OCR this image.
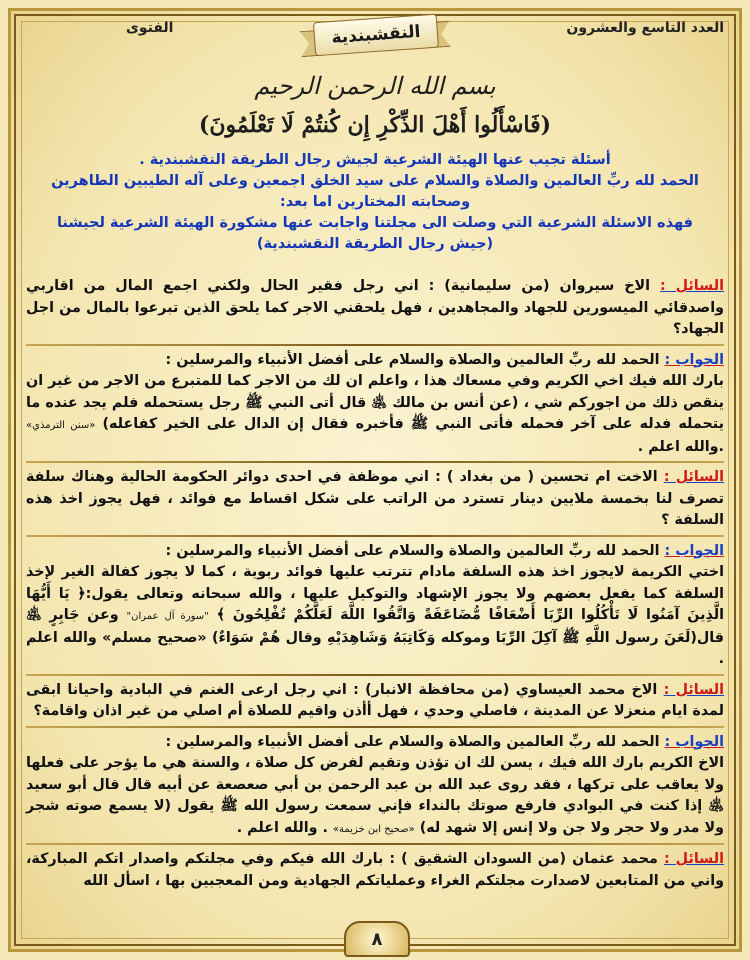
العدد التاسع والعشرون
الفتوى	النقشبندية
بسم الله الرحمن الرحيم
(فَاسْأَلُوا أَهْلَ الذِّكْرِ إِن كُنتُمْ لَا تَعْلَمُونَ)

أسئلة تجيب عنها الهيئة الشرعية لجيش رجال الطريقة النقشبندية .

الحمد لله ربِّ العالمين والصلاة والسلام على سيد الخلق اجمعين وعلى آله الطيبين الطاهرين وصحابته المختارين اما بعد:

فهذه الاسئلة الشرعية التي وصلت الى مجلتنا واجابت عنها مشكورة الهيئة الشرعية لجيشنا (جيش رجال الطريقة النقشبندية)

السائل : الاخ سيروان (من سليمانية) : اني رجل فقير الحال ولكني اجمع المال من اقاربي واصدقائي الميسورين للجهاد والمجاهدين ، فهل يلحقني الاجر كما يلحق الذين تبرعوا بالمال من اجل الجهاد؟

الجواب : الحمد لله ربِّ العالمين والصلاة والسلام على أفضل الأنبياء والمرسلين :
بارك الله فيك اخي الكريم وفي مسعاك هذا ، واعلم ان لك من الاجر كما للمتبرع من الاجر من غير ان ينقص ذلك من اجوركم شي ، (عن أنس بن مالك ﵁ قال أتى النبي ﷺ رجل يستحمله فلم يجد عنده ما يتحمله فدله على آخر فحمله فأتى النبي ﷺ فأخبره فقال إن الدال على الخير كفاعله) «سنن الترمذي» .والله اعلم .

السائل : الاخت ام تحسين ( من بغداد ) : اني موظفة في احدى دوائر الحكومة الحالية وهناك سلفة تصرف لنا بخمسة ملايين دينار تسترد من الراتب على شكل اقساط مع فوائد ، فهل يجوز اخذ هذه السلفة ؟

الجواب : الحمد لله ربِّ العالمين والصلاة والسلام على أفضل الأنبياء والمرسلين :
اختي الكريمة لايجوز اخذ هذه السلفة مادام تترتب عليها فوائد ربوية ، كما لا يجوز كفالة الغير لإخذ السلفة كما يفعل بعضهم ولا يجوز الإشهاد والتوكيل عليها ، والله سبحانه وتعالى يقول:﴿ يَا أَيُّهَا الَّذِينَ آمَنُوا لَا تَأْكُلُوا الرِّبَا أَضْعَافًا مُّضَاعَفَةً وَاتَّقُوا اللَّهَ لَعَلَّكُمْ تُفْلِحُونَ ﴾ "سورة آل عمران" وعن جَابِرٍ ﵁ قال(لَعَنَ رسول اللَّهِ ﷺ آكِلَ الرِّبَا وموكله وَكَاتِبَهُ وَشَاهِدَيْهِ وقال هُمْ سَوَاءٌ) «صحيح مسلم» والله اعلم .

السائل : الاخ محمد العيساوي (من محافظة الانبار) : اني رجل ارعى الغنم في البادية واحيانا ابقى لمدة ايام منعزلا عن المدينة ، فاصلي وحدي ، فهل أأذن واقيم للصلاة أم اصلي من غير اذان واقامة؟

الجواب : الحمد لله ربِّ العالمين والصلاة والسلام على أفضل الأنبياء والمرسلين :
الاخ الكريم بارك الله فيك ، يسن لك ان تؤذن وتقيم لفرض كل صلاة ، والسنة هي ما يؤجر على فعلها ولا يعاقب على تركها ، فقد روى عبد الله بن عبد الرحمن بن أبي صعصعة عن أبيه قال قال أبو سعيد ﵁ إذا كنت في البوادي فارفع صوتك بالنداء فإني سمعت رسول الله ﷺ يقول (لا يسمع صوته شجر ولا مدر ولا حجر ولا جن ولا إنس إلا شهد له) «صحيح ابن خزيمة» . والله اعلم .

السائل : محمد عثمان (من السودان الشقيق ) : بارك الله فيكم وفي مجلتكم واصدار اتكم المباركة، واني من المتابعين لاصدارت مجلتكم الغراء وعملياتكم الجهادية ومن المعجبين بها ، اسأل الله

٨
